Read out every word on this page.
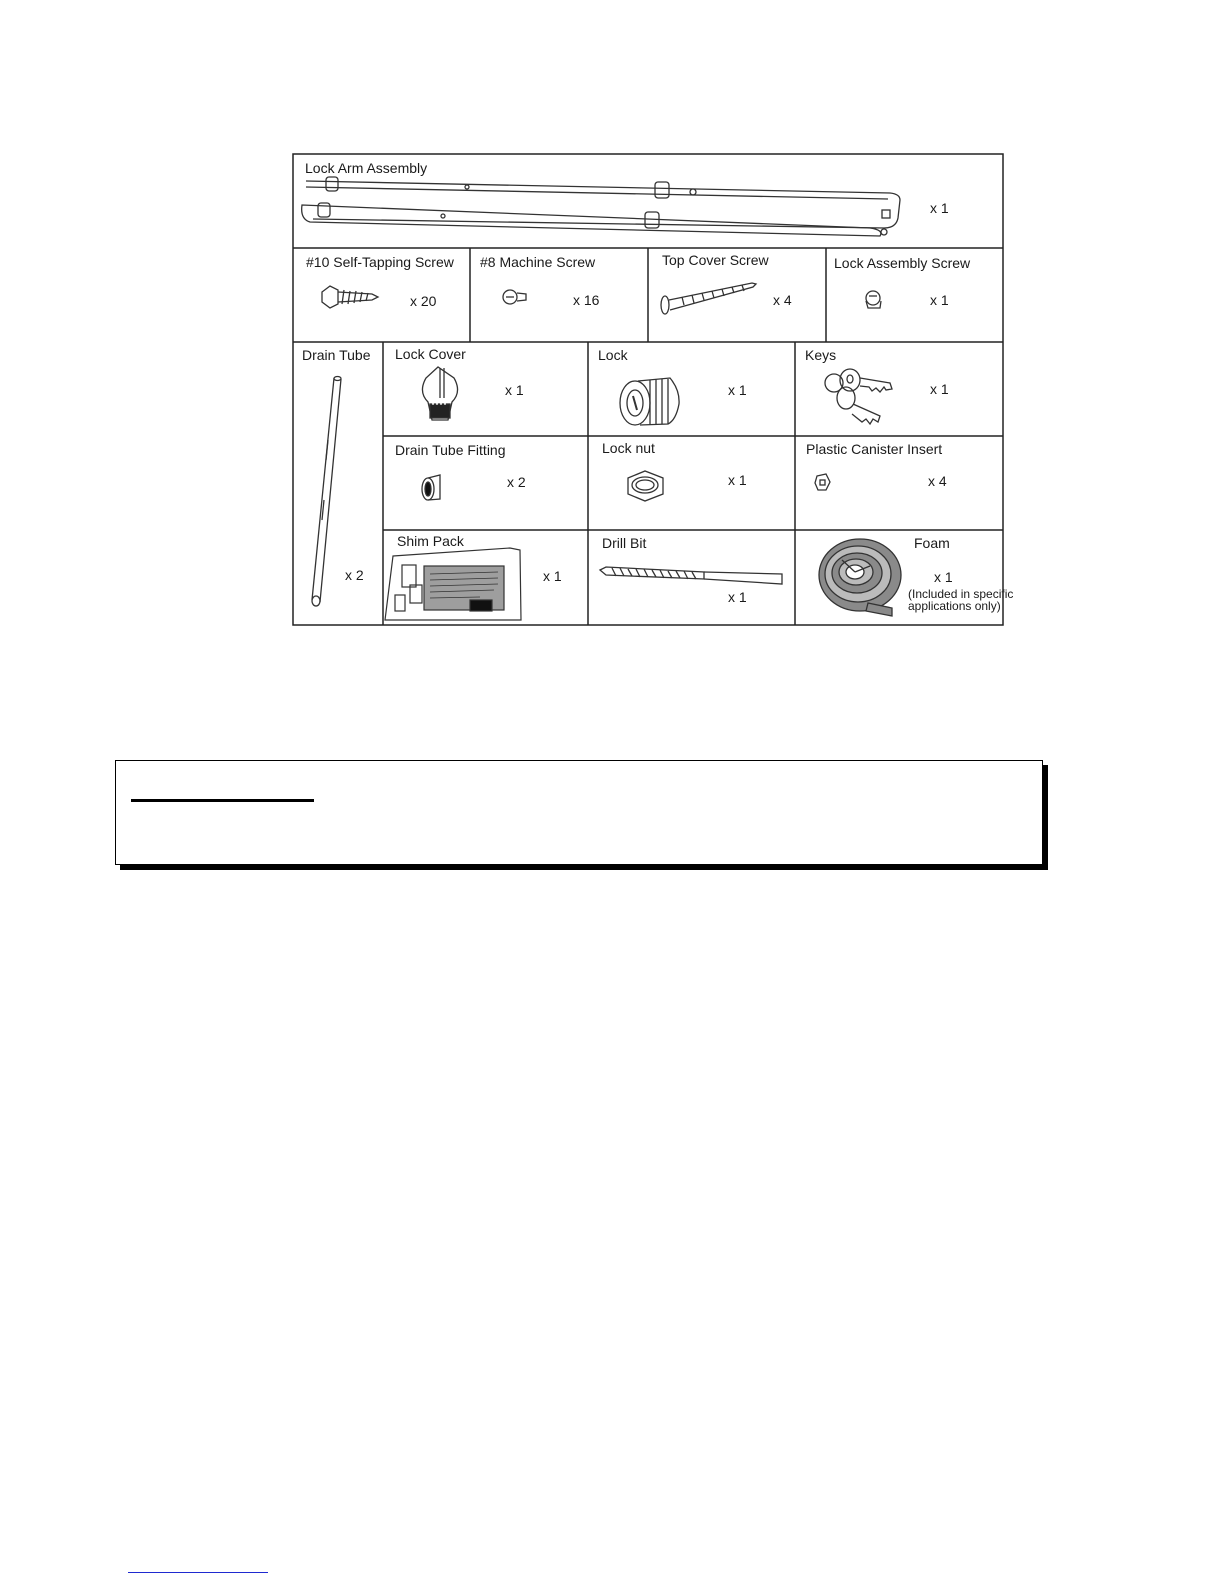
Lock Arm Assembly
x 1
#10 Self-Tapping Screw
x 20
#8 Machine Screw
x 16
Top Cover Screw
x 4
Lock Assembly Screw
x 1
Drain Tube
x 2
Lock Cover
x 1
Lock
x 1
Keys
x 1
Drain Tube Fitting
x 2
Lock nut
x 1
Plastic Canister Insert
x 4
Shim Pack
x 1
Drill Bit
x 1
Foam
x 1
(Included in specific
applications only)
